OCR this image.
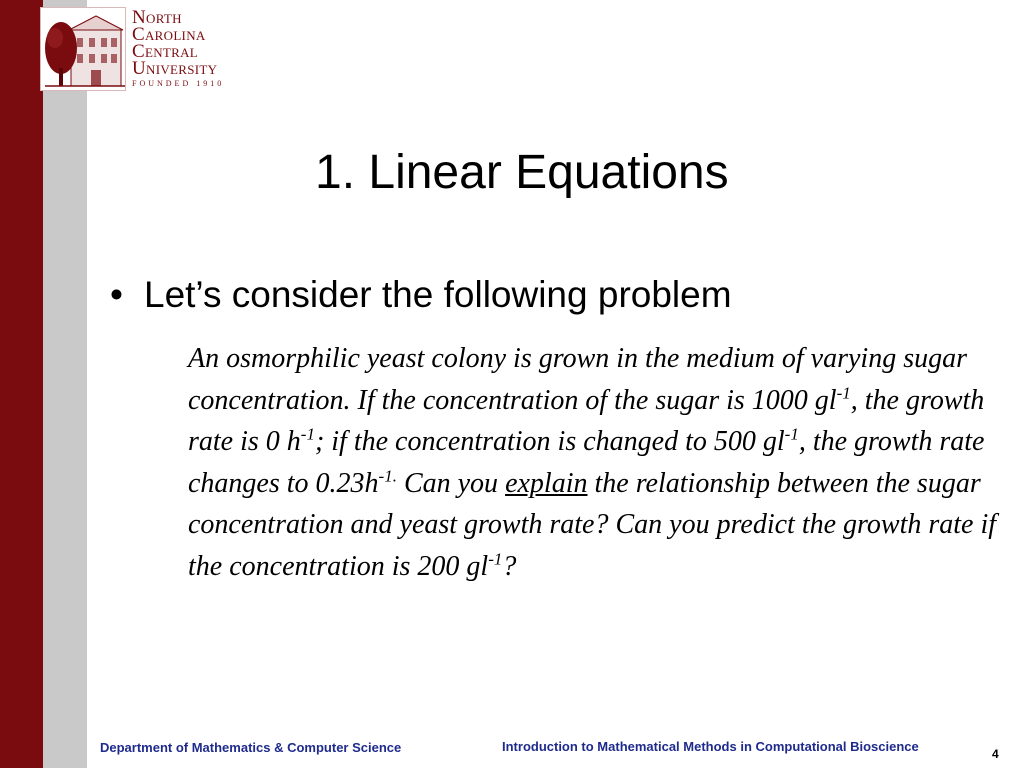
North
Carolina
Central
University
FOUNDED 1910
1. Linear Equations
• Let’s consider the following problem
An osmorphilic yeast colony is grown in the medium of varying sugar concentration. If the concentration of the sugar is 1000 $gl^{-1}$, the growth rate is 0 $h^{-1}$; if the concentration is changed to 500 $gl^{-1}$, the growth rate changes to $0.23h^{-1.}$ Can you explain the relationship between the sugar concentration and yeast growth rate? Can you predict the growth rate if the concentration is 200 $gl^{-1}$?
Department of Mathematics & Computer Science	Introduction to Mathematical Methods in Computational Bioscience	4
